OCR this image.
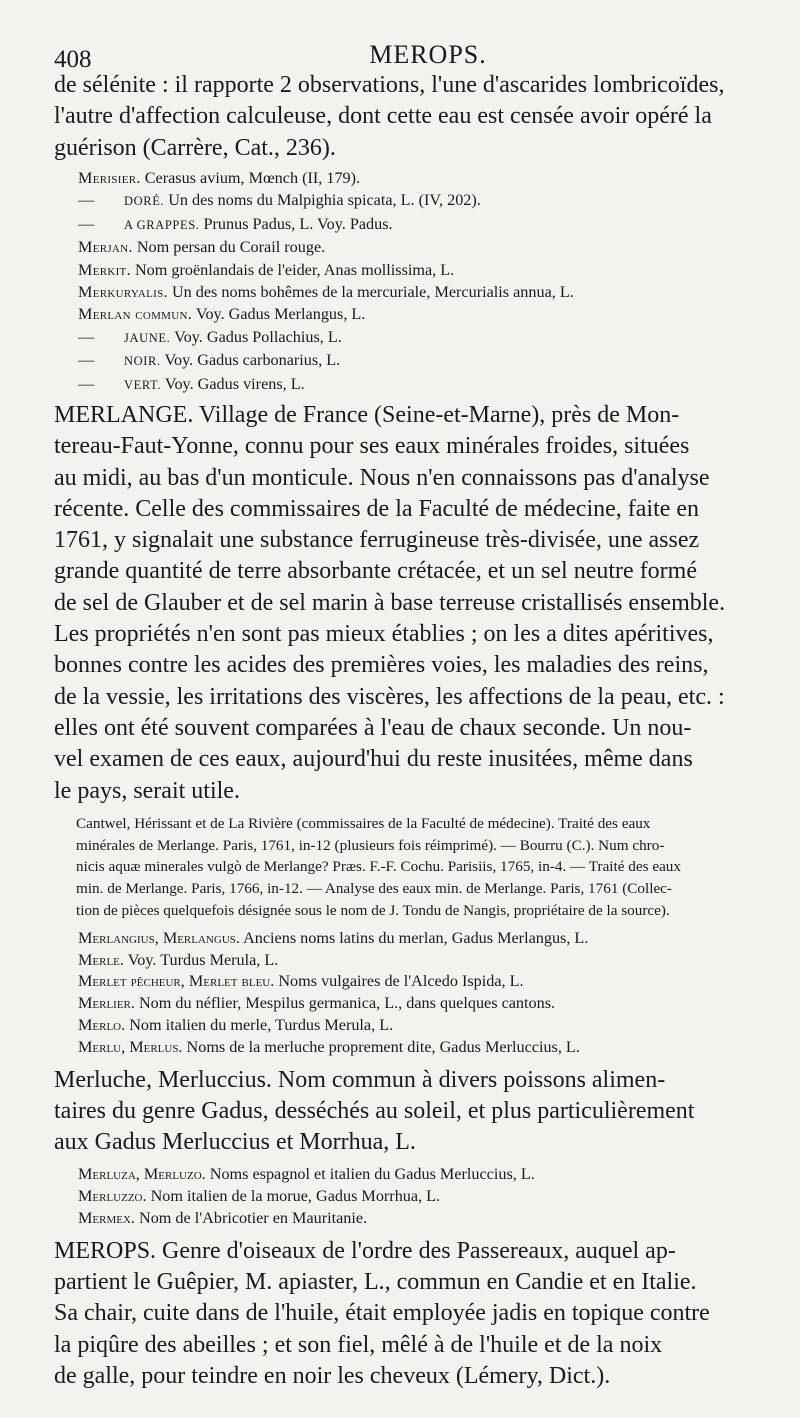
408	MEROPS.
de sélénite : il rapporte 2 observations, l'une d'ascarides lombricoïdes,
l'autre d'affection calculeuse, dont cette eau est censée avoir opéré la
guérison (Carrère, Cat., 236).
Merisier. Cerasus avium, Mœnch (II, 179).
— DORÉ. Un des noms du Malpighia spicata, L. (IV, 202).
— A GRAPPES. Prunus Padus, L. Voy. Padus.
Merjan. Nom persan du Corail rouge.
Merkit. Nom groënlandais de l'eider, Anas mollissima, L.
Merkuryalis. Un des noms bohêmes de la mercuriale, Mercurialis annua, L.
Merlan commun. Voy. Gadus Merlangus, L.
— JAUNE. Voy. Gadus Pollachius, L.
— NOIR. Voy. Gadus carbonarius, L.
— VERT. Voy. Gadus virens, L.
MERLANGE. Village de France (Seine-et-Marne), près de Mon-
tereau-Faut-Yonne, connu pour ses eaux minérales froides, situées
au midi, au bas d'un monticule. Nous n'en connaissons pas d'analyse
récente. Celle des commissaires de la Faculté de médecine, faite en
1761, y signalait une substance ferrugineuse très-divisée, une assez
grande quantité de terre absorbante crétacée, et un sel neutre formé
de sel de Glauber et de sel marin à base terreuse cristallisés ensemble.
Les propriétés n'en sont pas mieux établies ; on les a dites apéritives,
bonnes contre les acides des premières voies, les maladies des reins,
de la vessie, les irritations des viscères, les affections de la peau, etc. :
elles ont été souvent comparées à l'eau de chaux seconde. Un nou-
vel examen de ces eaux, aujourd'hui du reste inusitées, même dans
le pays, serait utile.
Cantwel, Hérissant et de La Rivière (commissaires de la Faculté de médecine). Traité des eaux
minérales de Merlange. Paris, 1761, in-12 (plusieurs fois réimprimé). — Bourru (C.). Num chro-
nicis aquæ minerales vulgò de Merlange? Præs. F.-F. Cochu. Parisiis, 1765, in-4. — Traité des eaux
min. de Merlange. Paris, 1766, in-12. — Analyse des eaux min. de Merlange. Paris, 1761 (Collec-
tion de pièces quelquefois désignée sous le nom de J. Tondu de Nangis, propriétaire de la source).
Merlangius, Merlangus. Anciens noms latins du merlan, Gadus Merlangus, L.
Merle. Voy. Turdus Merula, L.
Merlet pêcheur, Merlet bleu. Noms vulgaires de l'Alcedo Ispida, L.
Merlier. Nom du néflier, Mespilus germanica, L., dans quelques cantons.
Merlo. Nom italien du merle, Turdus Merula, L.
Merlu, Merlus. Noms de la merluche proprement dite, Gadus Merluccius, L.
Merluche, Merluccius. Nom commun à divers poissons alimen-
taires du genre Gadus, desséchés au soleil, et plus particulièrement
aux Gadus Merluccius et Morrhua, L.
Merluza, Merluzo. Noms espagnol et italien du Gadus Merluccius, L.
Merluzzo. Nom italien de la morue, Gadus Morrhua, L.
Mermex. Nom de l'Abricotier en Mauritanie.
MEROPS. Genre d'oiseaux de l'ordre des Passereaux, auquel ap-
partient le Guêpier, M. apiaster, L., commun en Candie et en Italie.
Sa chair, cuite dans de l'huile, était employée jadis en topique contre
la piqûre des abeilles ; et son fiel, mêlé à de l'huile et de la noix
de galle, pour teindre en noir les cheveux (Lémery, Dict.).
